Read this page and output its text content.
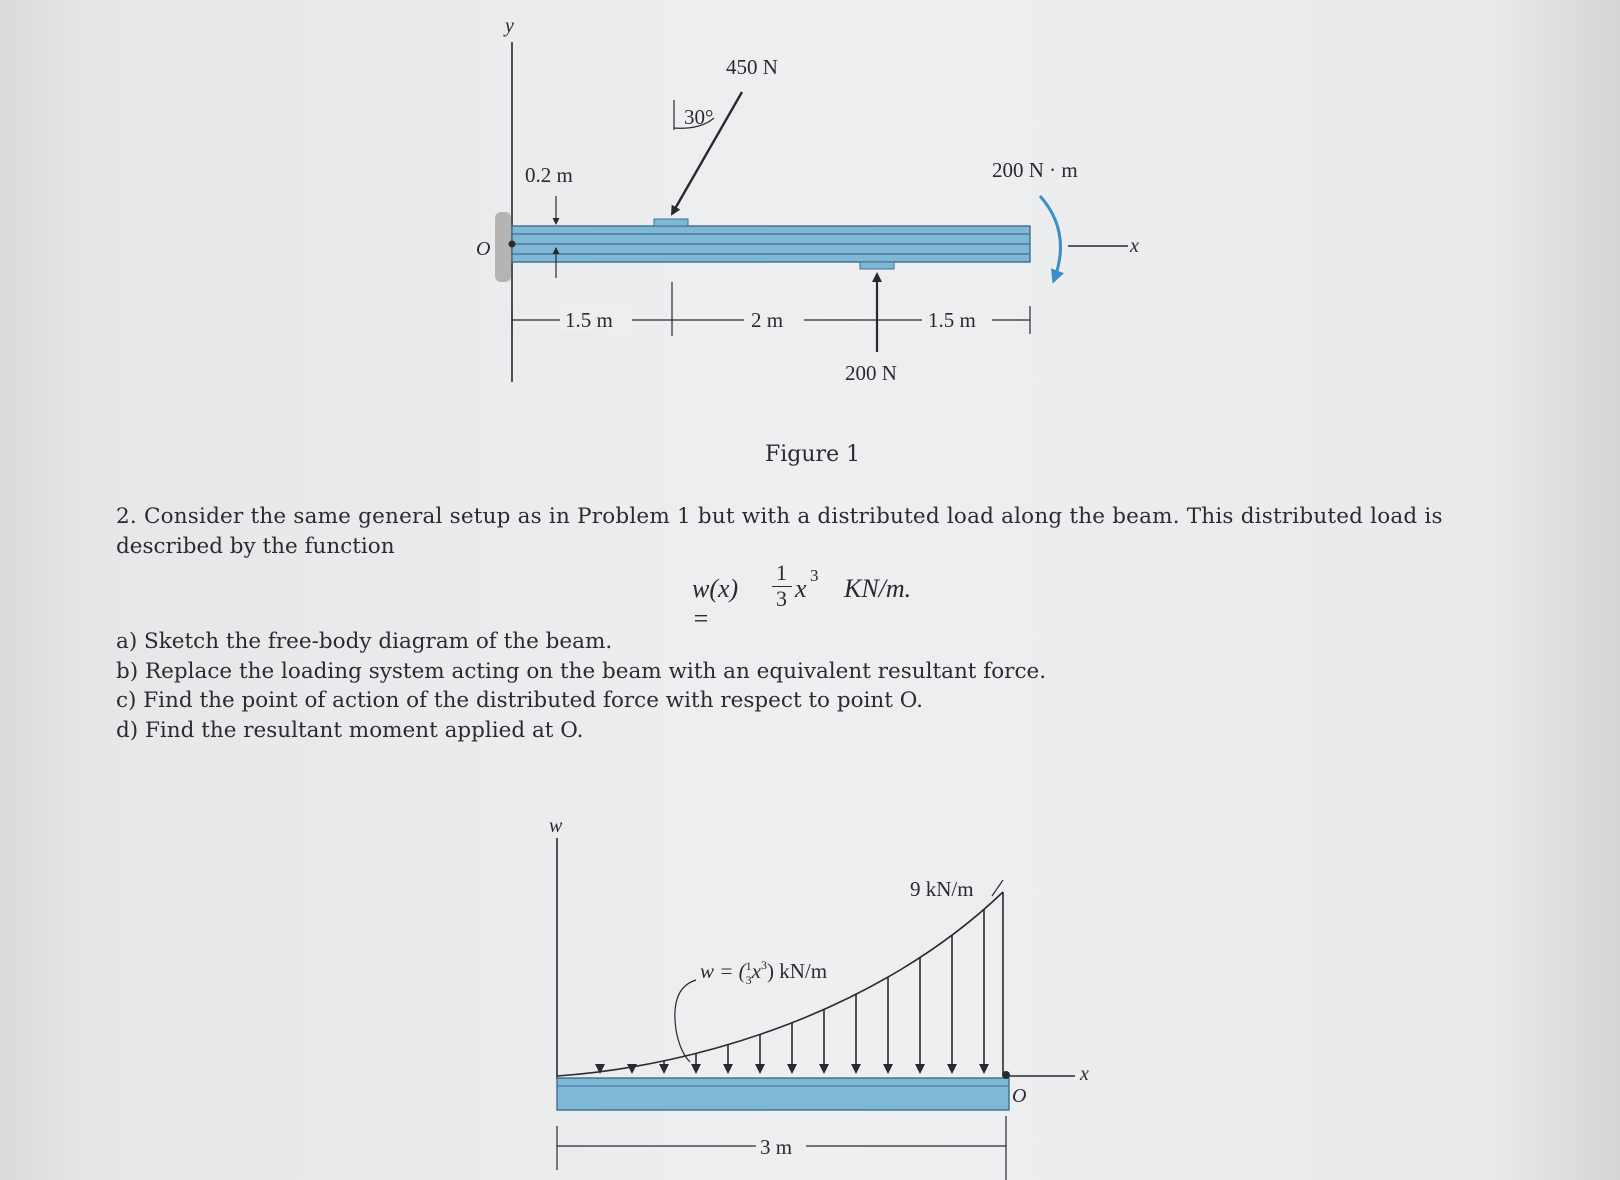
y
O	x
0.2 m
450 N
30°
200 N · m
200 N
1.5 m	2 m	1.5 m
Figure 1
2. Consider the same general setup as in Problem 1 but with a distributed load along the beam. This distributed load is
described by the function
w(x) =
1
3 x 3 KN/m.
a) Sketch the free-body diagram of the beam.
b) Replace the loading system acting on the beam with an equivalent resultant force.
c) Find the point of action of the distributed force with respect to point O.
d) Find the resultant moment applied at O.
w
9 kN/m
w = ($^1$ $3x^3$) kN/m
O
x
3 m
